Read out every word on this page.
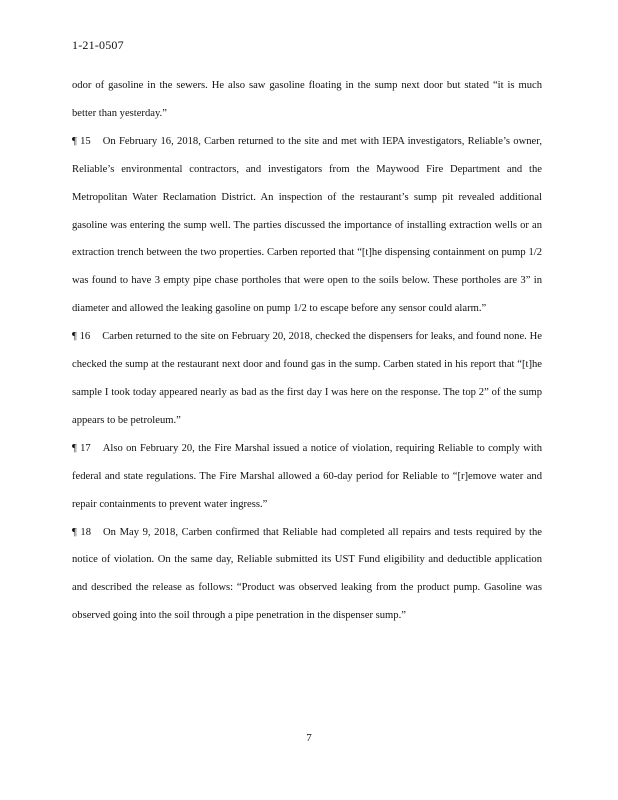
1-21-0507

odor of gasoline in the sewers. He also saw gasoline floating in the sump next door but stated “it is much better than yesterday.”

¶ 15 On February 16, 2018, Carben returned to the site and met with IEPA investigators, Reliable’s owner, Reliable’s environmental contractors, and investigators from the Maywood Fire Department and the Metropolitan Water Reclamation District. An inspection of the restaurant’s sump pit revealed additional gasoline was entering the sump well. The parties discussed the importance of installing extraction wells or an extraction trench between the two properties. Carben reported that “[t]he dispensing containment on pump 1/2 was found to have 3 empty pipe chase portholes that were open to the soils below. These portholes are 3” in diameter and allowed the leaking gasoline on pump 1/2 to escape before any sensor could alarm.”

¶ 16 Carben returned to the site on February 20, 2018, checked the dispensers for leaks, and found none. He checked the sump at the restaurant next door and found gas in the sump. Carben stated in his report that “[t]he sample I took today appeared nearly as bad as the first day I was here on the response. The top 2” of the sump appears to be petroleum.”

¶ 17 Also on February 20, the Fire Marshal issued a notice of violation, requiring Reliable to comply with federal and state regulations. The Fire Marshal allowed a 60-day period for Reliable to “[r]emove water and repair containments to prevent water ingress.”

¶ 18 On May 9, 2018, Carben confirmed that Reliable had completed all repairs and tests required by the notice of violation. On the same day, Reliable submitted its UST Fund eligibility and deductible application and described the release as follows: “Product was observed leaking from the product pump. Gasoline was observed going into the soil through a pipe penetration in the dispenser sump.”

7
